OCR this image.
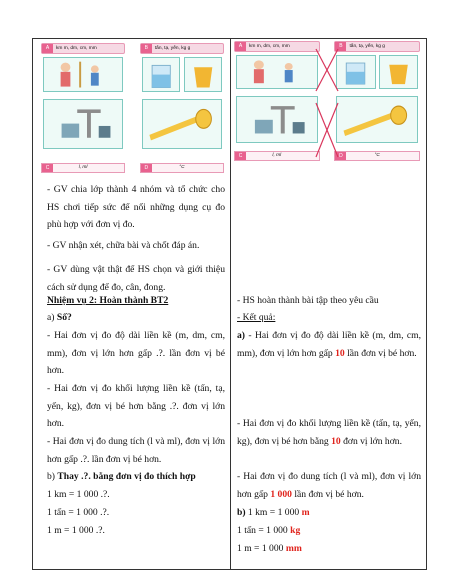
A	km m, dm, cm, mm	B	tấn, tạ, yến, kg g
C	l, ml	D	°C
- GV chia lớp thành 4 nhóm và tổ chức cho HS chơi tiếp sức để nối những dụng cụ đo phù hợp với đơn vị đo.
- GV nhận xét, chữa bài và chốt đáp án.
- GV dùng vật thật để HS chọn và giới thiệu cách sử dụng để đo, cân, đong.
Nhiệm vụ 2: Hoàn thành BT2
a) Số?
- Hai đơn vị đo độ dài liền kề (m, dm, cm, mm), đơn vị lớn hơn gấp .?. lần đơn vị bé hơn.
- Hai đơn vị đo khối lượng liền kề (tấn, tạ, yến, kg), đơn vị bé hơn bằng .?. đơn vị lớn hơn.
- Hai đơn vị đo dung tích (l và ml), đơn vị lớn hơn gấp .?. lần đơn vị bé hơn.
b) Thay .?. bằng đơn vị đo thích hợp
1 km = 1 000 .?.
1 tấn = 1 000 .?.
1 m = 1 000 .?.
A	km m, dm, cm, mm	B	tấn, tạ, yến, kg g
C	l, ml	D	°C
- HS hoàn thành bài tập theo yêu cầu
- Kết quả:
a) - Hai đơn vị đo độ dài liền kề (m, dm, cm, mm), đơn vị lớn hơn gấp 10 lần đơn vị bé hơn.
- Hai đơn vị đo khối lượng liền kề (tấn, tạ, yến, kg), đơn vị bé hơn bằng 10 đơn vị lớn hơn.
- Hai đơn vị đo dung tích (l và ml), đơn vị lớn hơn gấp 1 000 lần đơn vị bé hơn.
b) 1 km = 1 000 m
1 tấn = 1 000 kg
1 m = 1 000 mm
